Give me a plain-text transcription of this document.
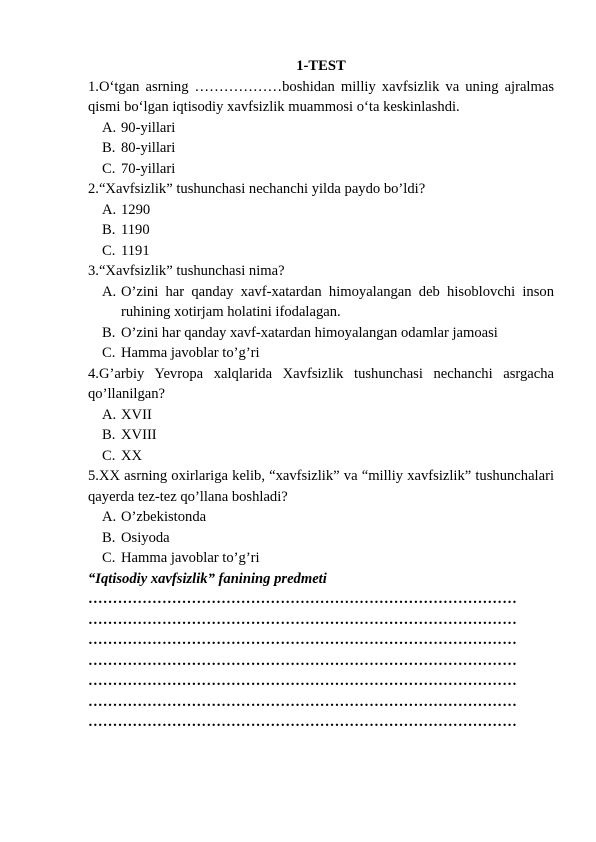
1-TEST
1.O‘tgan asrning ………………boshidan milliy xavfsizlik va uning ajralmas qismi bo‘lgan iqtisodiy xavfsizlik muammosi o‘ta keskinlashdi.
A. 90-yillari
B. 80-yillari
C. 70-yillari
2.“Xavfsizlik” tushunchasi nechanchi yilda paydo bo’ldi?
A. 1290
B. 1190
C. 1191
3.“Xavfsizlik” tushunchasi nima?
A. O’zini har qanday xavf-xatardan himoyalangan deb hisoblovchi inson ruhining xotirjam holatini ifodalagan.
B. O’zini har qanday xavf-xatardan himoyalangan odamlar jamoasi
C. Hamma javoblar to’g’ri
4.G’arbiy Yevropa xalqlarida Xavfsizlik tushunchasi nechanchi asrgacha qo’llanilgan?
A. XVII
B. XVIII
C. XX
5.XX asrning oxirlariga kelib, “xavfsizlik” va “milliy xavfsizlik” tushunchalari qayerda tez-tez qo’llana boshladi?
A. O’zbekistonda
B. Osiyoda
C. Hamma javoblar to’g’ri
“Iqtisodiy xavfsizlik” fanining predmeti
……………………………………………………………………………
……………………………………………………………………………
……………………………………………………………………………
……………………………………………………………………………
……………………………………………………………………………
……………………………………………………………………………
……………………………………………………………………………
